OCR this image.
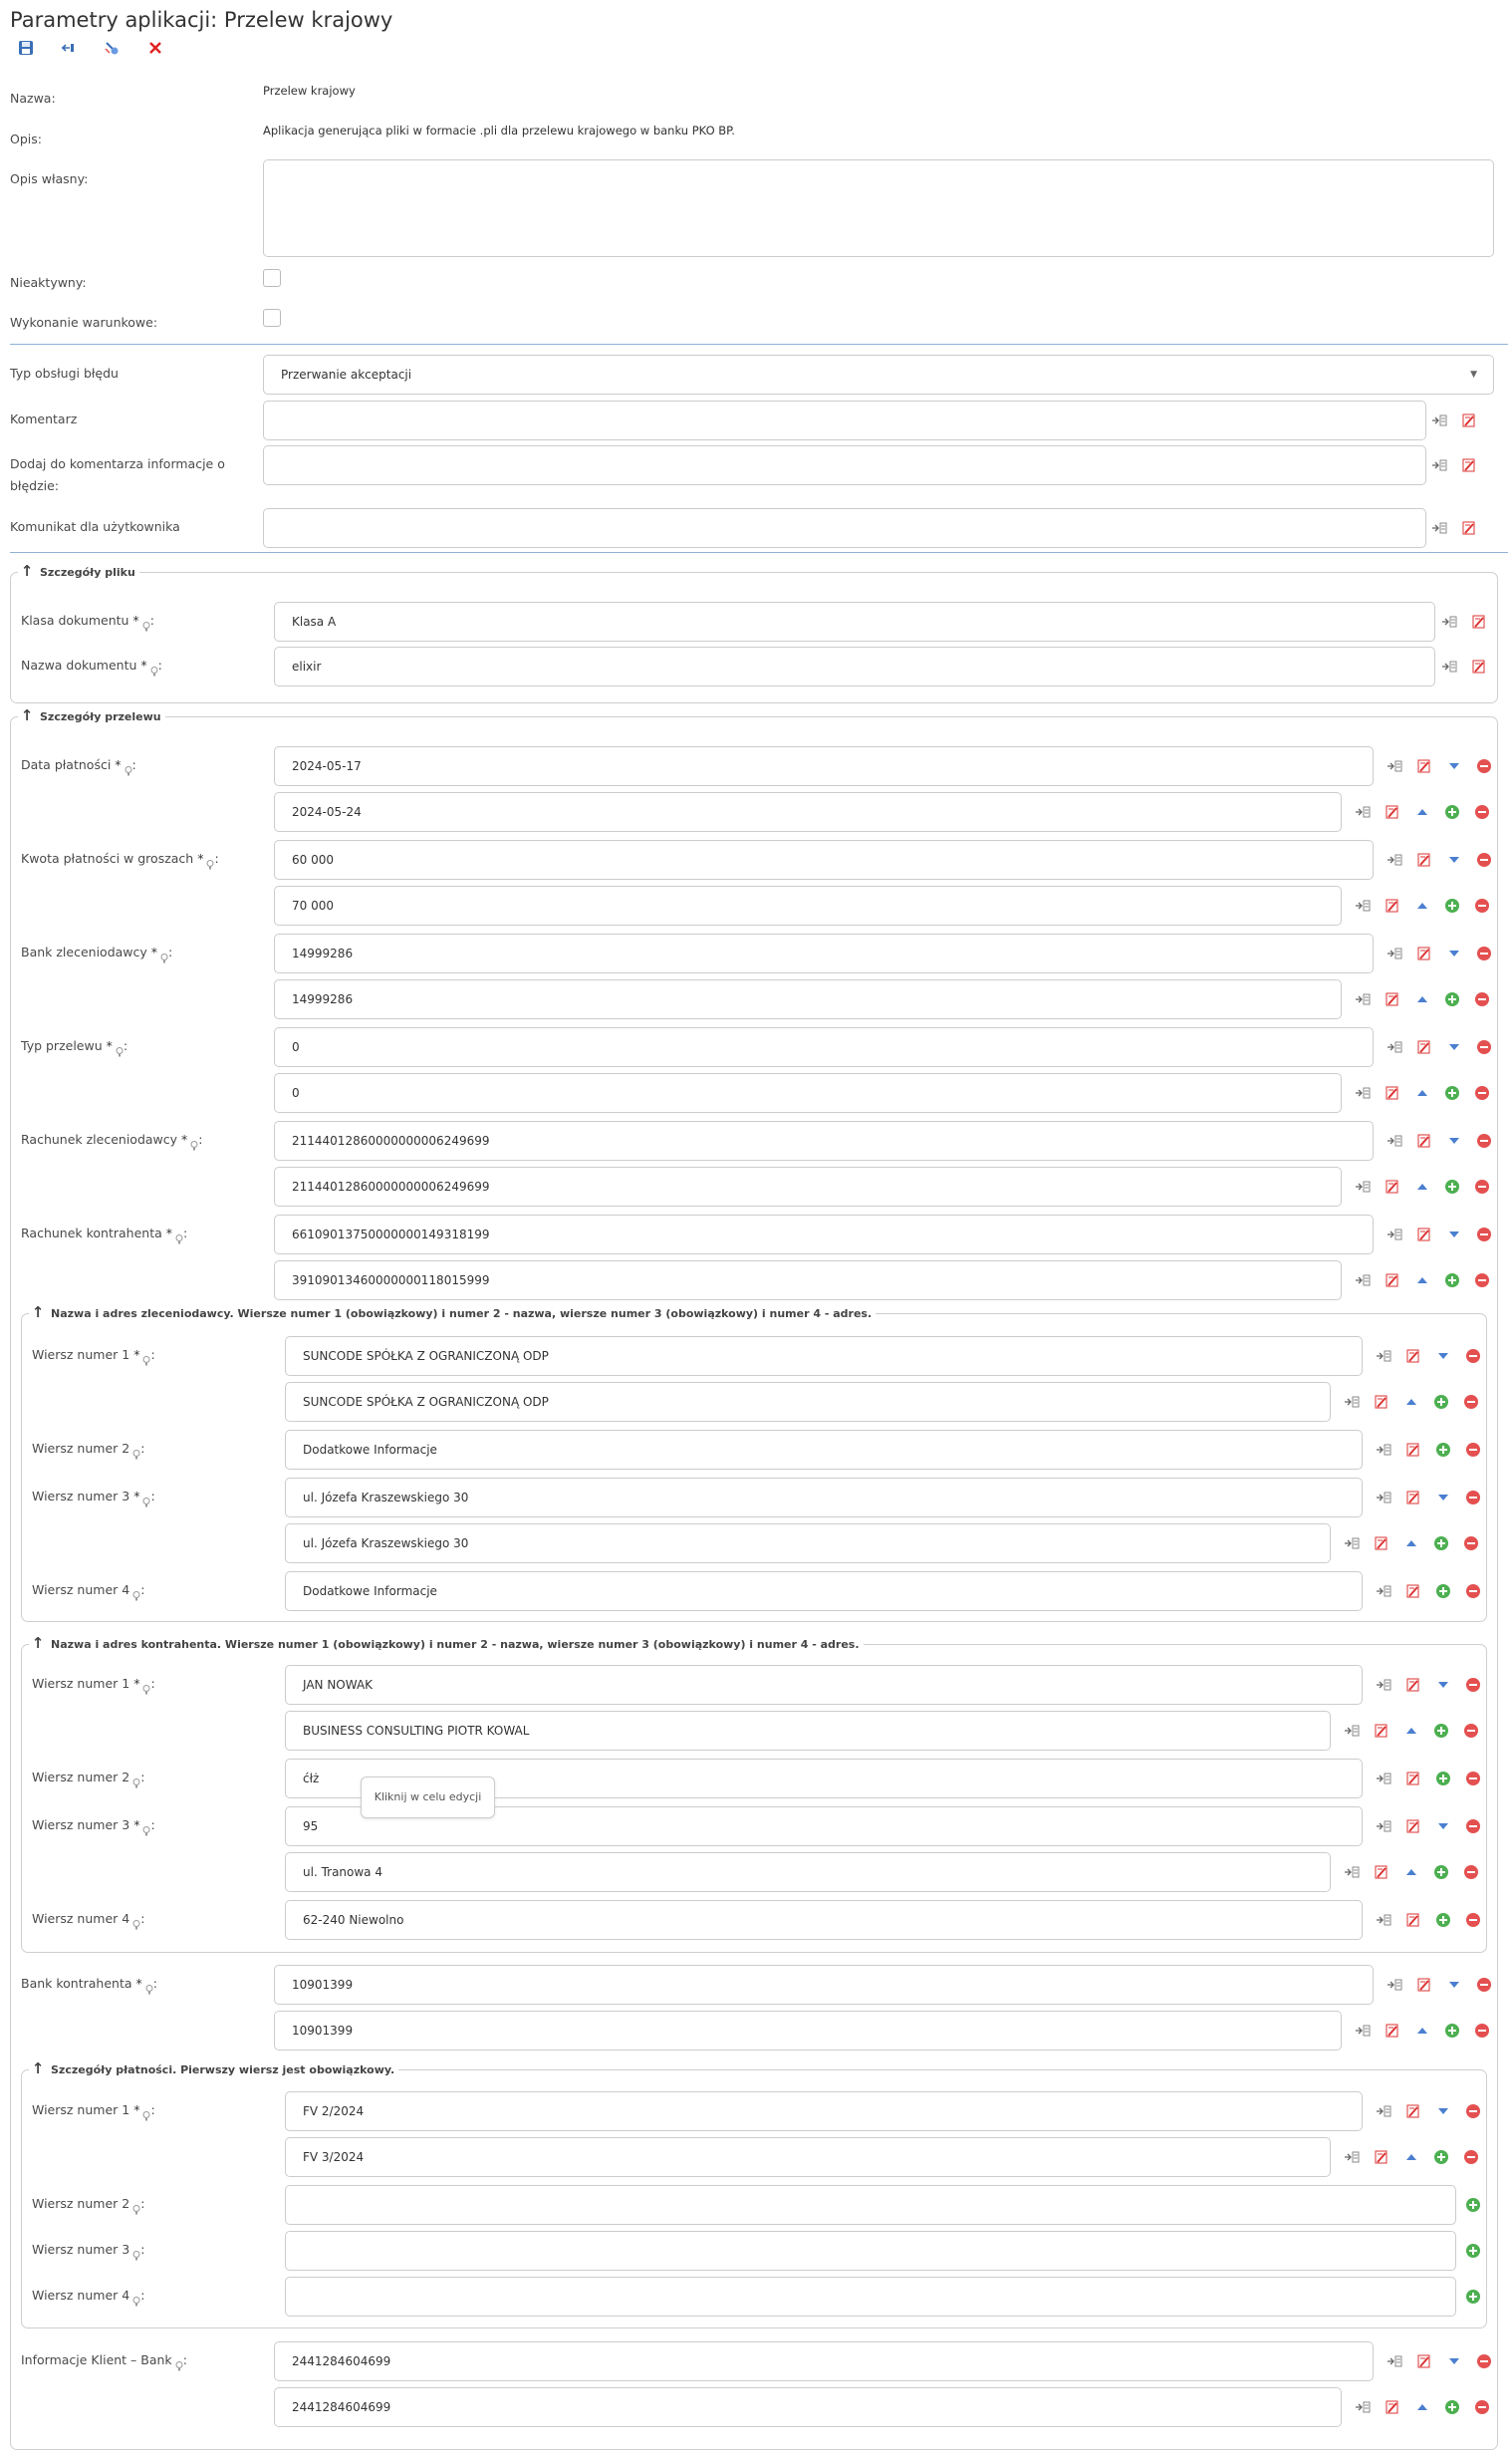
Parametry aplikacji: Przelew krajowy
Nazwa:	Przelew krajowy
Opis:
Aplikacja generująca pliki w formacie .pli dla przelewu krajowego w banku PKO BP.
Opis własny:
Nieaktywny:
Wykonanie warunkowe:
Typ obsługi błędu	Przerwanie akceptacji	▼
Komentarz
Dodaj do komentarza informacje o
błędzie:
Komunikat dla użytkownika
↑ Szczegóły pliku
Klasa dokumentu * :	Klasa A
Nazwa dokumentu * :	elixir
↑ Szczegóły przelewu
Data płatności * :	2024-05-17
2024-05-24
Kwota płatności w groszach * :	60 000
70 000
Bank zleceniodawcy * :	14999286
14999286
Typ przelewu * :	0
0
Rachunek zleceniodawcy * :	21144012860000000006249699
21144012860000000006249699
Rachunek kontrahenta * :	66109013750000000149318199
39109013460000000118015999
↑ Nazwa i adres zleceniodawcy. Wiersze numer 1 (obowiązkowy) i numer 2 - nazwa, wiersze numer 3 (obowiązkowy) i numer 4 - adres.
Wiersz numer 1 * :	SUNCODE SPÓŁKA Z OGRANICZONĄ ODP
SUNCODE SPÓŁKA Z OGRANICZONĄ ODP
Wiersz numer 2 :	Dodatkowe Informacje
Wiersz numer 3 * :	ul. Józefa Kraszewskiego 30
ul. Józefa Kraszewskiego 30
Wiersz numer 4 :	Dodatkowe Informacje
↑ Nazwa i adres kontrahenta. Wiersze numer 1 (obowiązkowy) i numer 2 - nazwa, wiersze numer 3 (obowiązkowy) i numer 4 - adres.
Wiersz numer 1 * :	JAN NOWAK
BUSINESS CONSULTING PIOTR KOWAL
Wiersz numer 2 :	ćłż
Wiersz numer 3 * :	95
ul. Tranowa 4
Wiersz numer 4 :	62-240 Niewolno
Bank kontrahenta * :	10901399
10901399
↑ Szczegóły płatności. Pierwszy wiersz jest obowiązkowy.
Wiersz numer 1 * :	FV 2/2024
FV 3/2024
Wiersz numer 2 :
Wiersz numer 3 :
Wiersz numer 4 :
Informacje Klient – Bank :	2441284604699
2441284604699
Kliknij w celu edycji
